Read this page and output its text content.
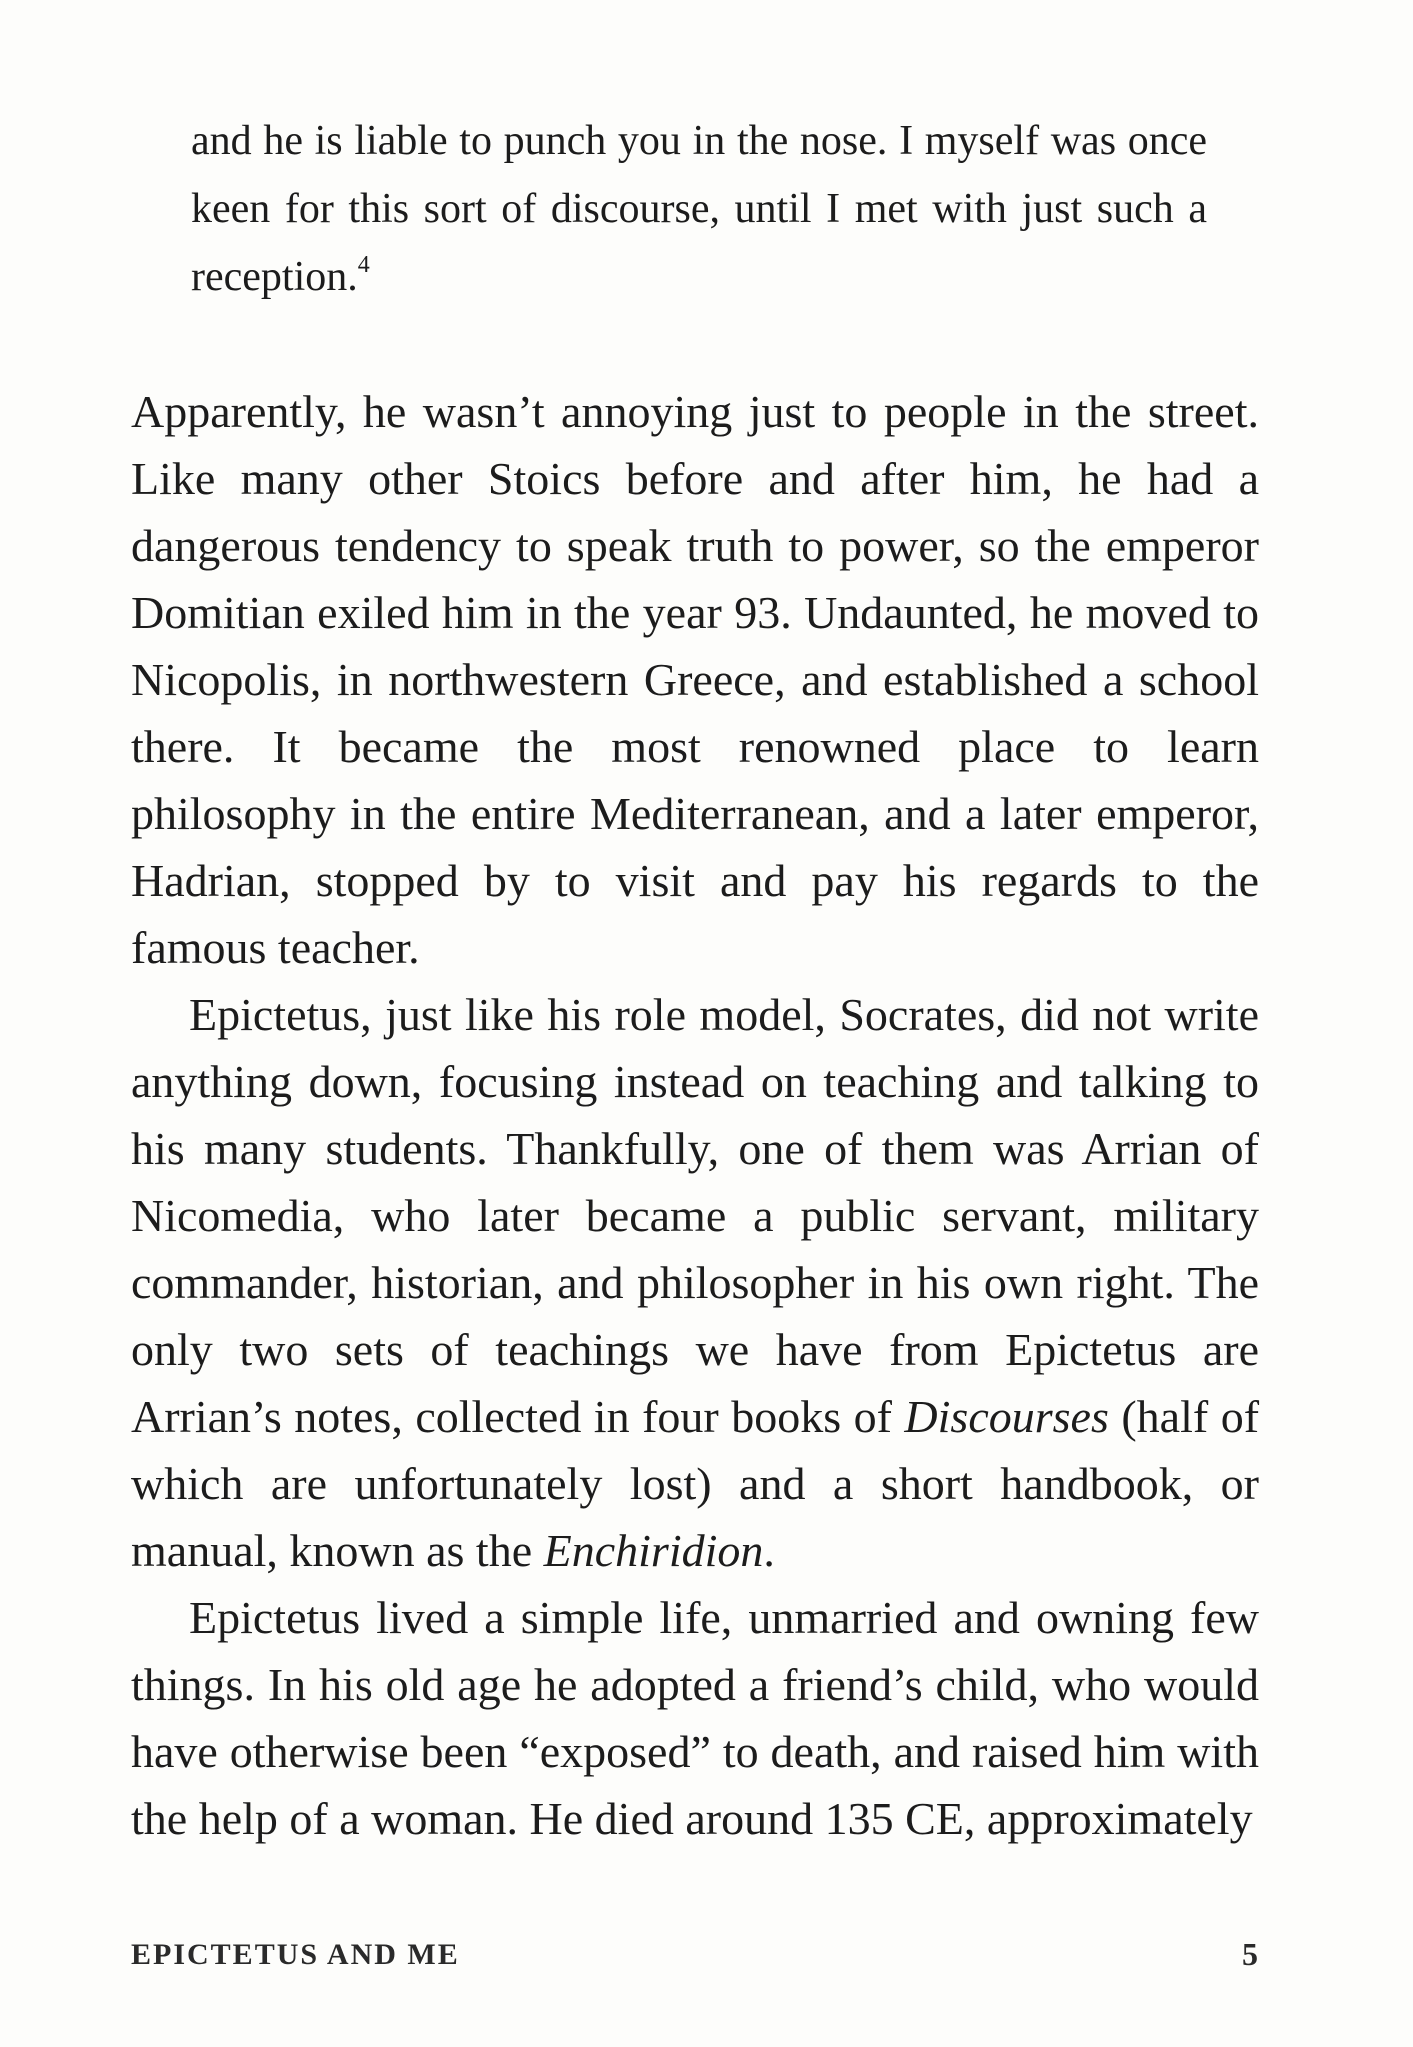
and he is liable to punch you in the nose. I myself was once keen for this sort of discourse, until I met with just such a reception.$^4$

Apparently, he wasn’t annoying just to people in the street. Like many other Stoics before and after him, he had a dangerous tendency to speak truth to power, so the emperor Domitian exiled him in the year 93. Undaunted, he moved to Nicopolis, in northwestern Greece, and established a school there. It became the most renowned place to learn philosophy in the entire Mediterranean, and a later emperor, Hadrian, stopped by to visit and pay his regards to the famous teacher.

Epictetus, just like his role model, Socrates, did not write anything down, focusing instead on teaching and talking to his many students. Thankfully, one of them was Arrian of Nicomedia, who later became a public servant, military commander, historian, and philosopher in his own right. The only two sets of teachings we have from Epictetus are Arrian’s notes, collected in four books of Discourses (half of which are unfortunately lost) and a short handbook, or manual, known as the Enchiridion.

Epictetus lived a simple life, unmarried and owning few things. In his old age he adopted a friend’s child, who would have otherwise been “exposed” to death, and raised him with the help of a woman. He died around 135 CE, approximately

EPICTETUS AND ME	5
